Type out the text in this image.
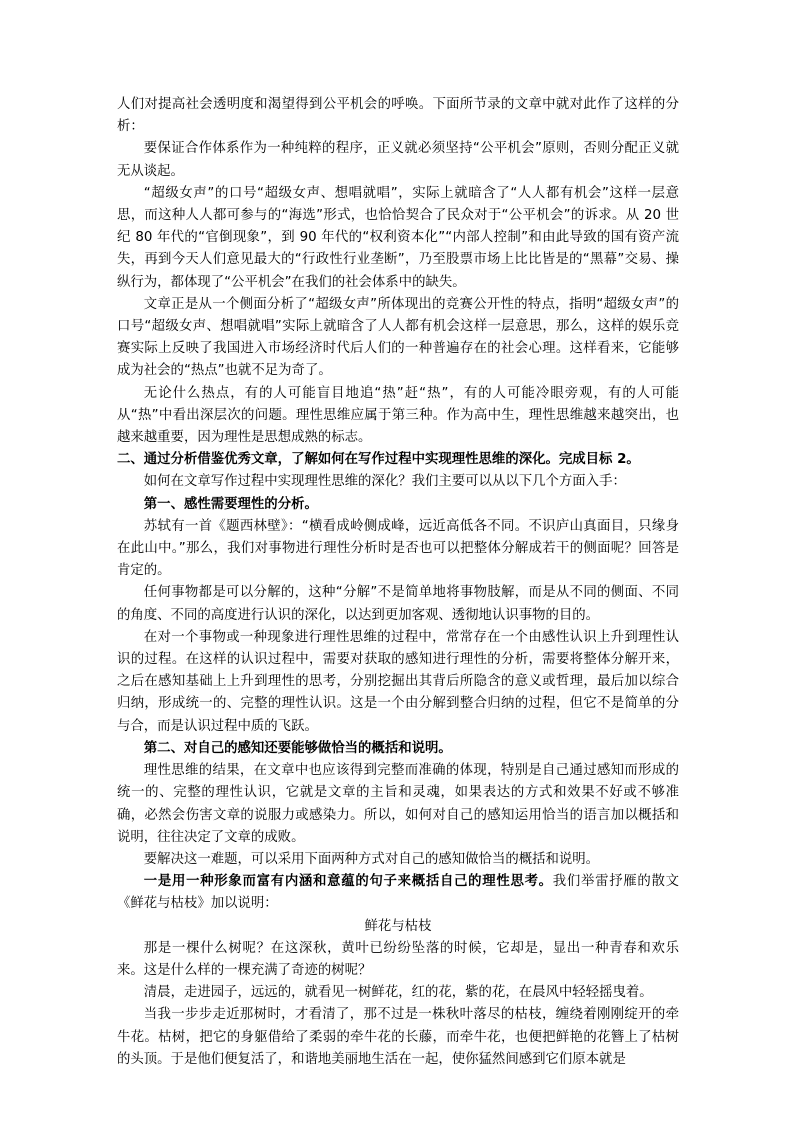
人们对提高社会透明度和渴望得到公平机会的呼唤。下面所节录的文章中就对此作了这样的分析：

要保证合作体系作为一种纯粹的程序，正义就必须坚持“公平机会”原则，否则分配正义就无从谈起。

“超级女声”的口号“超级女声、想唱就唱”，实际上就暗含了“人人都有机会”这样一层意思，而这种人人都可参与的“海选”形式，也恰恰契合了民众对于“公平机会”的诉求。从 20 世纪 80 年代的“官倒现象”，到 90 年代的“权利资本化”“内部人控制”和由此导致的国有资产流失，再到今天人们意见最大的“行政性行业垄断”，乃至股票市场上比比皆是的“黑幕”交易、操纵行为，都体现了“公平机会”在我们的社会体系中的缺失。

文章正是从一个侧面分析了“超级女声”所体现出的竞赛公开性的特点，指明“超级女声”的口号“超级女声、想唱就唱”实际上就暗含了人人都有机会这样一层意思，那么，这样的娱乐竞赛实际上反映了我国进入市场经济时代后人们的一种普遍存在的社会心理。这样看来，它能够成为社会的“热点”也就不足为奇了。

无论什么热点，有的人可能盲目地追“热”赶“热”，有的人可能冷眼旁观，有的人可能从“热”中看出深层次的问题。理性思维应属于第三种。作为高中生，理性思维越来越突出，也越来越重要，因为理性是思想成熟的标志。

二、通过分析借鉴优秀文章，了解如何在写作过程中实现理性思维的深化。完成目标 2。

如何在文章写作过程中实现理性思维的深化？我们主要可以从以下几个方面入手：

第一、感性需要理性的分析。

苏轼有一首《题西林壁》：“横看成岭侧成峰，远近高低各不同。不识庐山真面目，只缘身在此山中。”那么，我们对事物进行理性分析时是否也可以把整体分解成若干的侧面呢？回答是肯定的。

任何事物都是可以分解的，这种“分解”不是简单地将事物肢解，而是从不同的侧面、不同的角度、不同的高度进行认识的深化，以达到更加客观、透彻地认识事物的目的。

在对一个事物或一种现象进行理性思维的过程中，常常存在一个由感性认识上升到理性认识的过程。在这样的认识过程中，需要对获取的感知进行理性的分析，需要将整体分解开来，之后在感知基础上上升到理性的思考，分别挖掘出其背后所隐含的意义或哲理，最后加以综合归纳，形成统一的、完整的理性认识。这是一个由分解到整合归纳的过程，但它不是简单的分与合，而是认识过程中质的飞跃。

第二、对自己的感知还要能够做恰当的概括和说明。

理性思维的结果，在文章中也应该得到完整而准确的体现，特别是自己通过感知而形成的统一的、完整的理性认识，它就是文章的主旨和灵魂，如果表达的方式和效果不好或不够准确，必然会伤害文章的说服力或感染力。所以，如何对自己的感知运用恰当的语言加以概括和说明，往往决定了文章的成败。

要解决这一难题，可以采用下面两种方式对自己的感知做恰当的概括和说明。

一是用一种形象而富有内涵和意蕴的句子来概括自己的理性思考。我们举雷抒雁的散文《鲜花与枯枝》加以说明：

鲜花与枯枝

那是一棵什么树呢？在这深秋，黄叶已纷纷坠落的时候，它却是，显出一种青春和欢乐来。这是什么样的一棵充满了奇迹的树呢？

清晨，走进园子，远远的，就看见一树鲜花，红的花，紫的花，在晨风中轻轻摇曳着。

当我一步步走近那树时，才看清了，那不过是一株秋叶落尽的枯枝，缠绕着刚刚绽开的牵牛花。枯树，把它的身躯借给了柔弱的牵牛花的长藤，而牵牛花，也便把鲜艳的花簪上了枯树的头顶。于是他们便复活了，和谐地美丽地生活在一起，使你猛然间感到它们原本就是
